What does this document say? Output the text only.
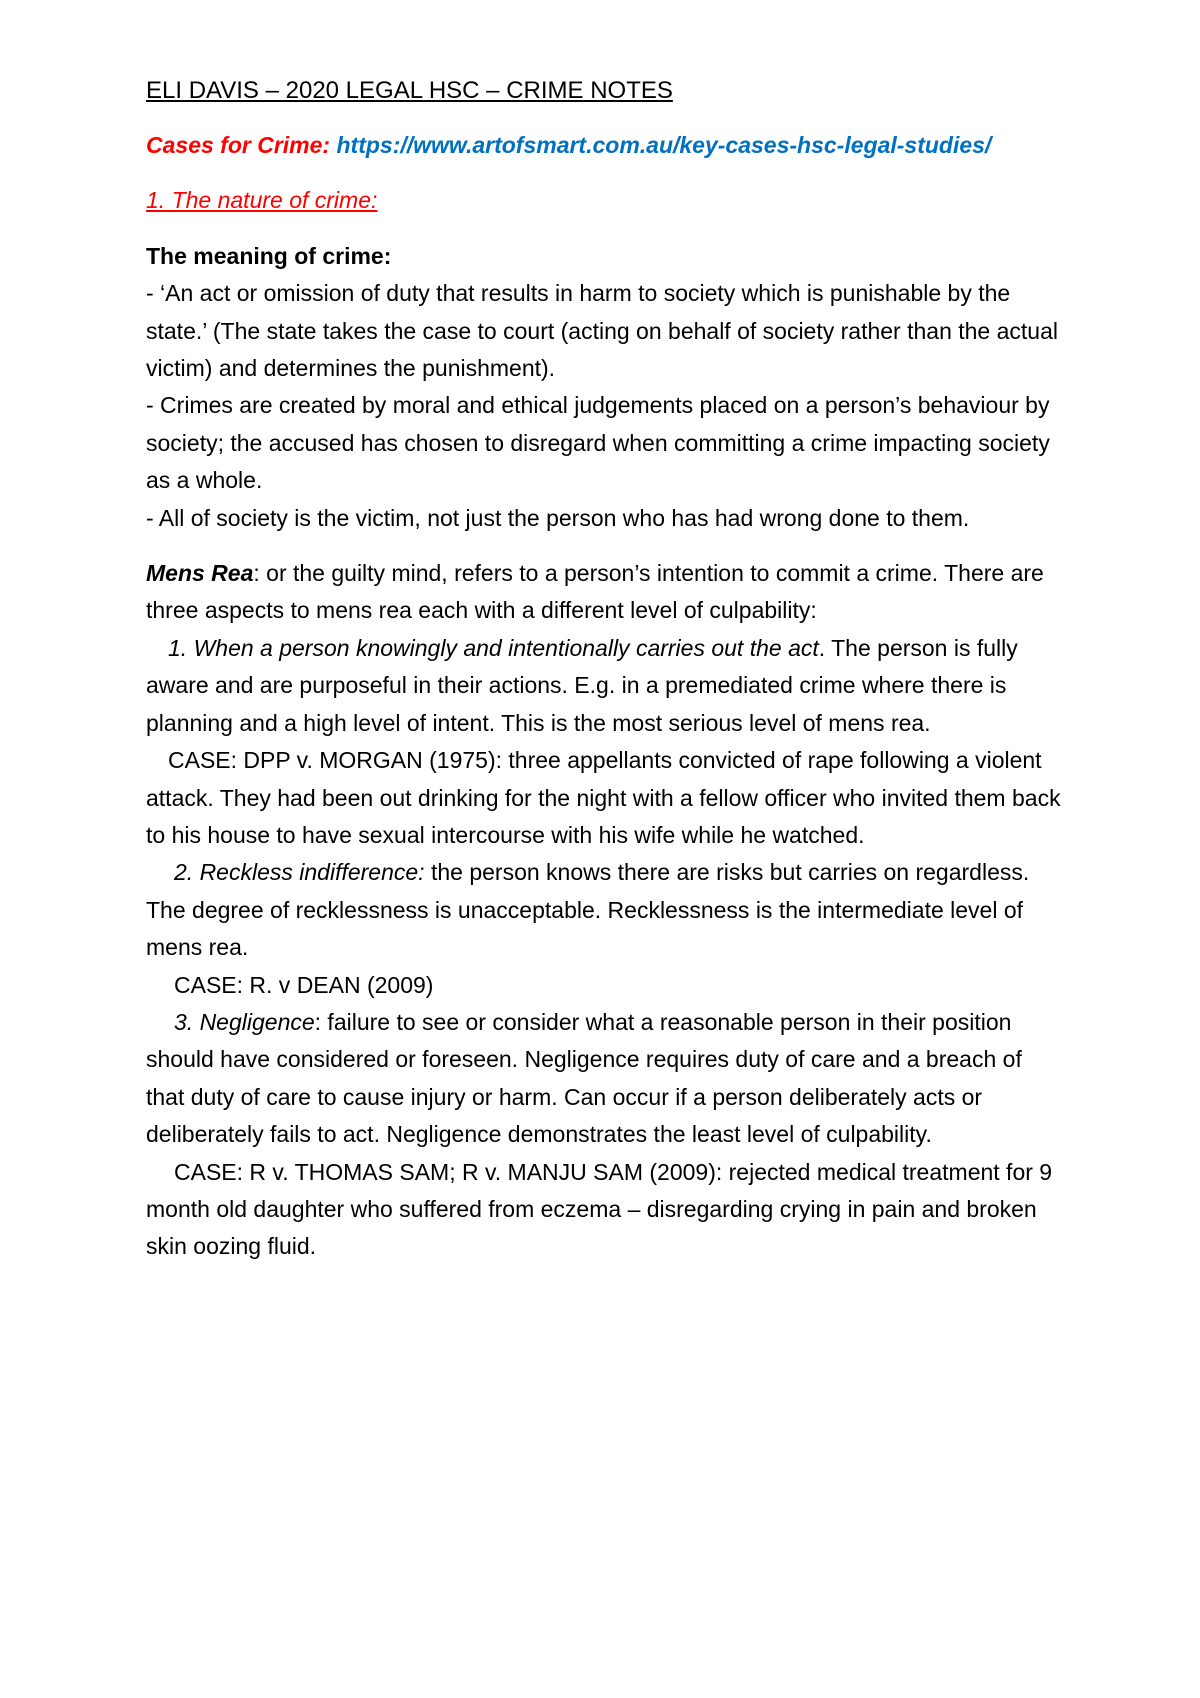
ELI DAVIS – 2020 LEGAL HSC – CRIME NOTES

Cases for Crime: https://www.artofsmart.com.au/key-cases-hsc-legal-studies/

1. The nature of crime:

The meaning of crime:
- ‘An act or omission of duty that results in harm to society which is punishable by the state.’ (The state takes the case to court (acting on behalf of society rather than the actual victim) and determines the punishment).
- Crimes are created by moral and ethical judgements placed on a person’s behaviour by society; the accused has chosen to disregard when committing a crime impacting society as a whole.
- All of society is the victim, not just the person who has had wrong done to them.

Mens Rea: or the guilty mind, refers to a person’s intention to commit a crime. There are three aspects to mens rea each with a different level of culpability:

1. When a person knowingly and intentionally carries out the act. The person is fully aware and are purposeful in their actions. E.g. in a premediated crime where there is planning and a high level of intent. This is the most serious level of mens rea.

CASE: DPP v. MORGAN (1975): three appellants convicted of rape following a violent attack. They had been out drinking for the night with a fellow officer who invited them back to his house to have sexual intercourse with his wife while he watched.

2. Reckless indifference: the person knows there are risks but carries on regardless. The degree of recklessness is unacceptable. Recklessness is the intermediate level of mens rea.

CASE: R. v DEAN (2009)

3. Negligence: failure to see or consider what a reasonable person in their position should have considered or foreseen. Negligence requires duty of care and a breach of that duty of care to cause injury or harm. Can occur if a person deliberately acts or deliberately fails to act. Negligence demonstrates the least level of culpability.

CASE: R v. THOMAS SAM; R v. MANJU SAM (2009): rejected medical treatment for 9 month old daughter who suffered from eczema – disregarding crying in pain and broken skin oozing fluid.
